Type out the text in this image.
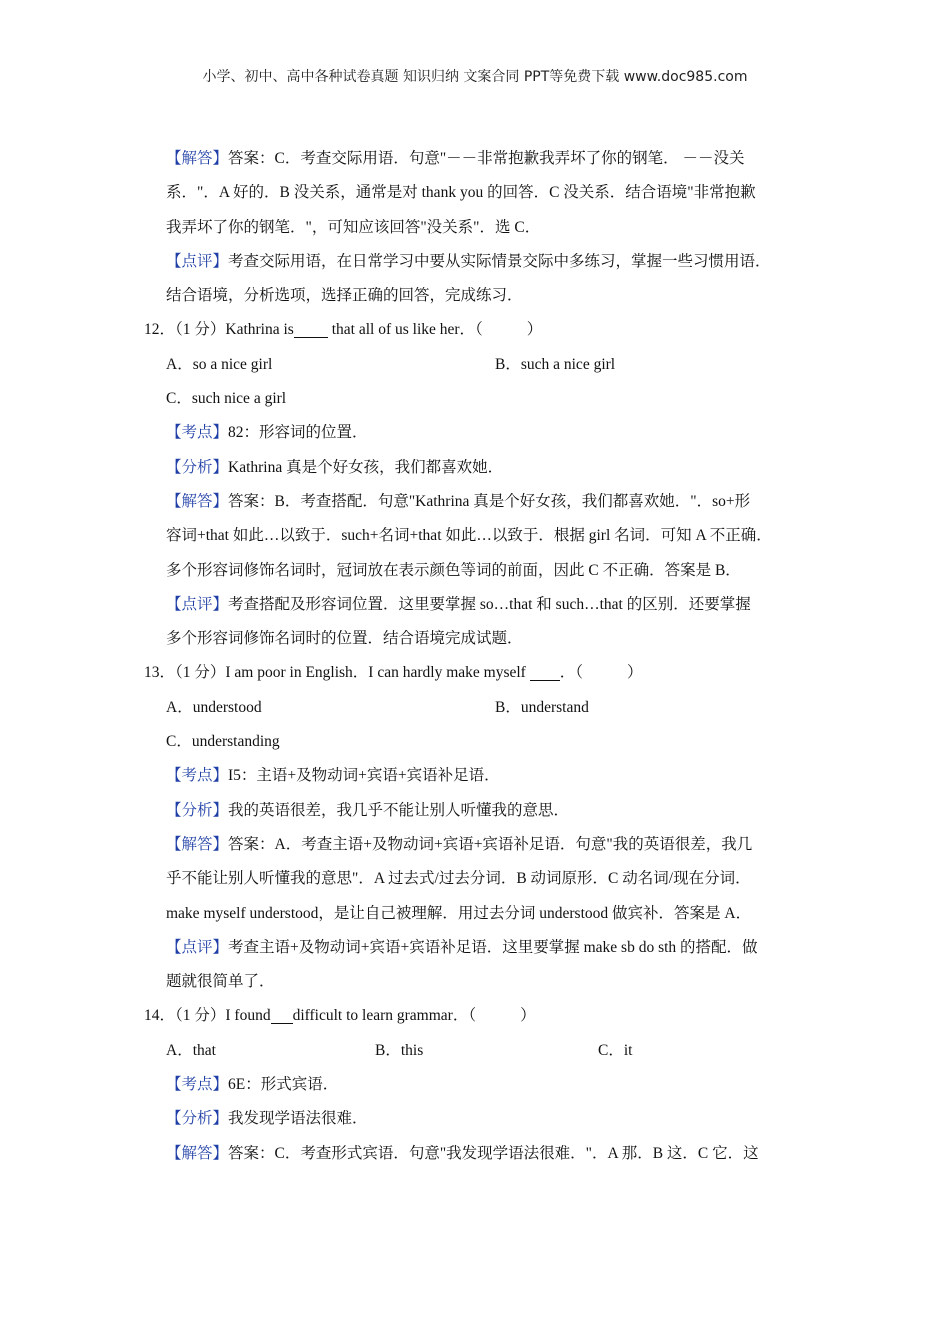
小学、初中、高中各种试卷真题 知识归纳 文案合同 PPT等免费下载 www.doc985.com
【解答】答案：C．考查交际用语．句意"－－非常抱歉我弄坏了你的钢笔． －－没关
系．"．A 好的．B 没关系，通常是对 thank you 的回答．C 没关系．结合语境"非常抱歉
我弄坏了你的钢笔．"，可知应该回答"没关系"．选 C．
【点评】考查交际用语，在日常学习中要从实际情景交际中多练习，掌握一些习惯用语．
结合语境，分析选项，选择正确的回答，完成练习．
12．（1 分）Kathrina is that all of us like her．（	）
A．so a nice girl	B．such a nice girl
C．such nice a girl
【考点】82：形容词的位置．
【分析】Kathrina 真是个好女孩，我们都喜欢她．
【解答】答案：B．考查搭配．句意"Kathrina 真是个好女孩，我们都喜欢她．"．so+形
容词+that 如此…以致于．such+名词+that 如此…以致于．根据 girl 名词．可知 A 不正确．
多个形容词修饰名词时，冠词放在表示颜色等词的前面，因此 C 不正确．答案是 B．
【点评】考查搭配及形容词位置．这里要掌握 so…that 和 such…that 的区别．还要掌握
多个形容词修饰名词时的位置．结合语境完成试题．
13．（1 分）I am poor in English．I can hardly make myself ．（	）
A．understood	B．understand
C．understanding
【考点】I5：主语+及物动词+宾语+宾语补足语．
【分析】我的英语很差，我几乎不能让别人听懂我的意思．
【解答】答案：A．考查主语+及物动词+宾语+宾语补足语．句意"我的英语很差，我几
乎不能让别人听懂我的意思"．A 过去式/过去分词．B 动词原形．C 动名词/现在分词．
make myself understood，是让自己被理解．用过去分词 understood 做宾补．答案是 A．
【点评】考查主语+及物动词+宾语+宾语补足语．这里要掌握 make sb do sth 的搭配．做
题就很简单了．
14．（1 分）I found difficult to learn grammar．（	）
A．that	B．this	C．it
【考点】6E：形式宾语．
【分析】我发现学语法很难．
【解答】答案：C．考查形式宾语．句意"我发现学语法很难．"．A 那．B 这．C 它．这
